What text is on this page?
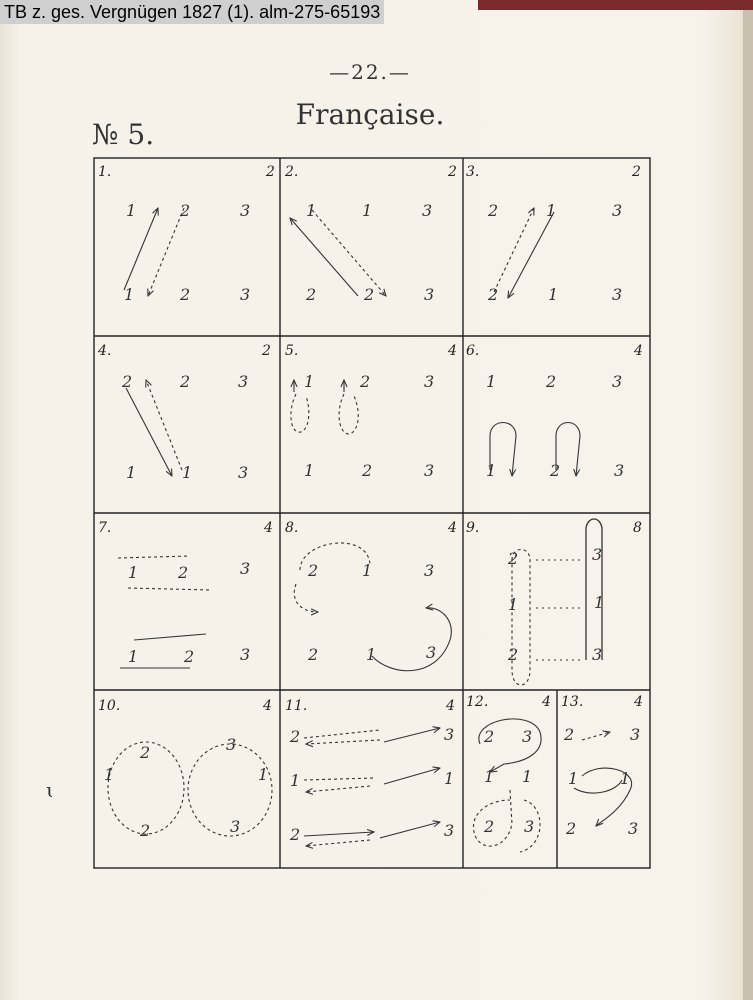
TB z. ges. Vergnügen 1827 (1). alm-275-65193
—22.—
Française.
№ 5.
ɩ
1.	2 2.	2 3.	2
4.	2 5.	4 6.	4
7.	4 8.	4 9.	8
10.	4 11.	4 12.	4 13.	4
1	2	3
1	2	3
1	1	3
2	2	3
2	1	3
2	1	3
2	2	3
1	1	3
1	2	3
1	2	3
1	2	3
1	2	3
1 2	3
1	2	3
2	1	3
2	1	3
2	3
1	1
2	3
2	3
1	1
2	3
2	3
1	1
2	3
2 3
1 1
2 3
2	3
1	1
2	3
